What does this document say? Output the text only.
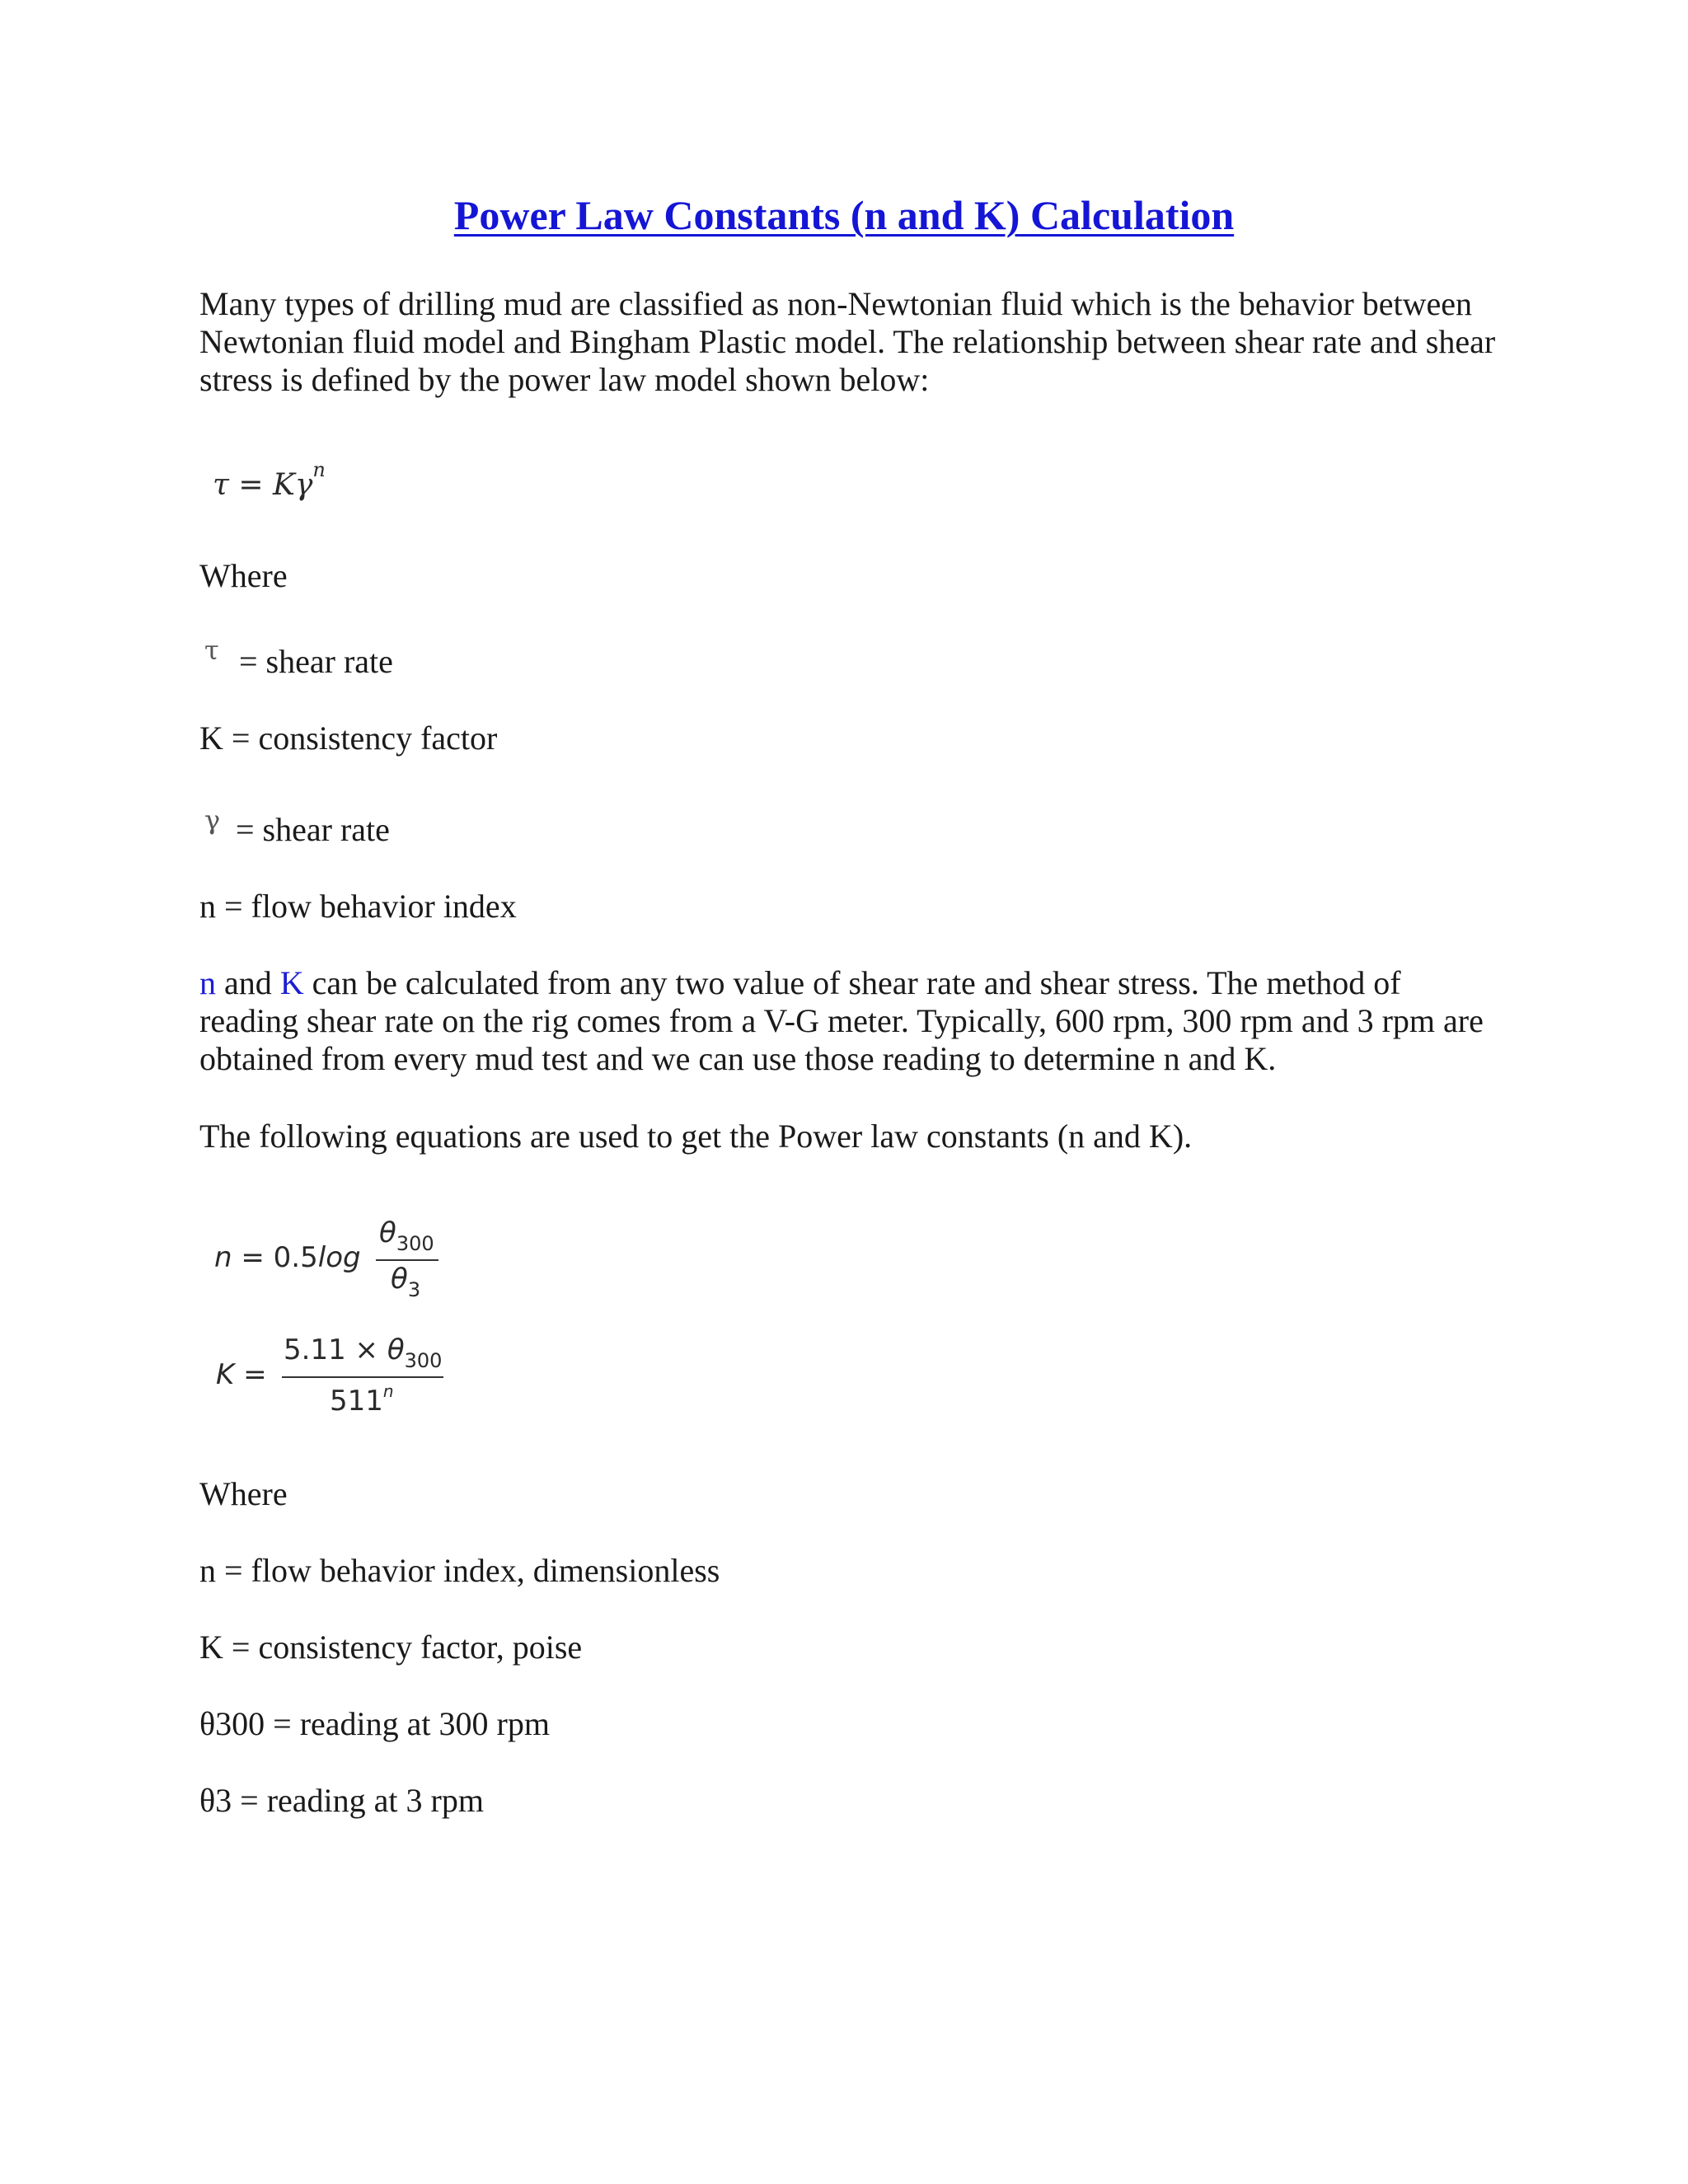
Power Law Constants (n and K) Calculation

Many types of drilling mud are classified as non-Newtonian fluid which is the behavior between Newtonian fluid model and Bingham Plastic model. The relationship between shear rate and shear stress is defined by the power law model shown below:

$\tau = K\gamma^n$

Where

τ = shear rate

K = consistency factor

γ = shear rate

n = flow behavior index

n and K can be calculated from any two value of shear rate and shear stress. The method of reading shear rate on the rig comes from a V-G meter. Typically, 600 rpm, 300 rpm and 3 rpm are obtained from every mud test and we can use those reading to determine n and K.

The following equations are used to get the Power law constants (n and K).

n = 0.5log
$\theta_{300}$
$\theta_3$
K =
$5.11 \times \theta_{300}$
511$^n$

Where

n = flow behavior index, dimensionless

K = consistency factor, poise

θ300 = reading at 300 rpm

θ3 = reading at 3 rpm
